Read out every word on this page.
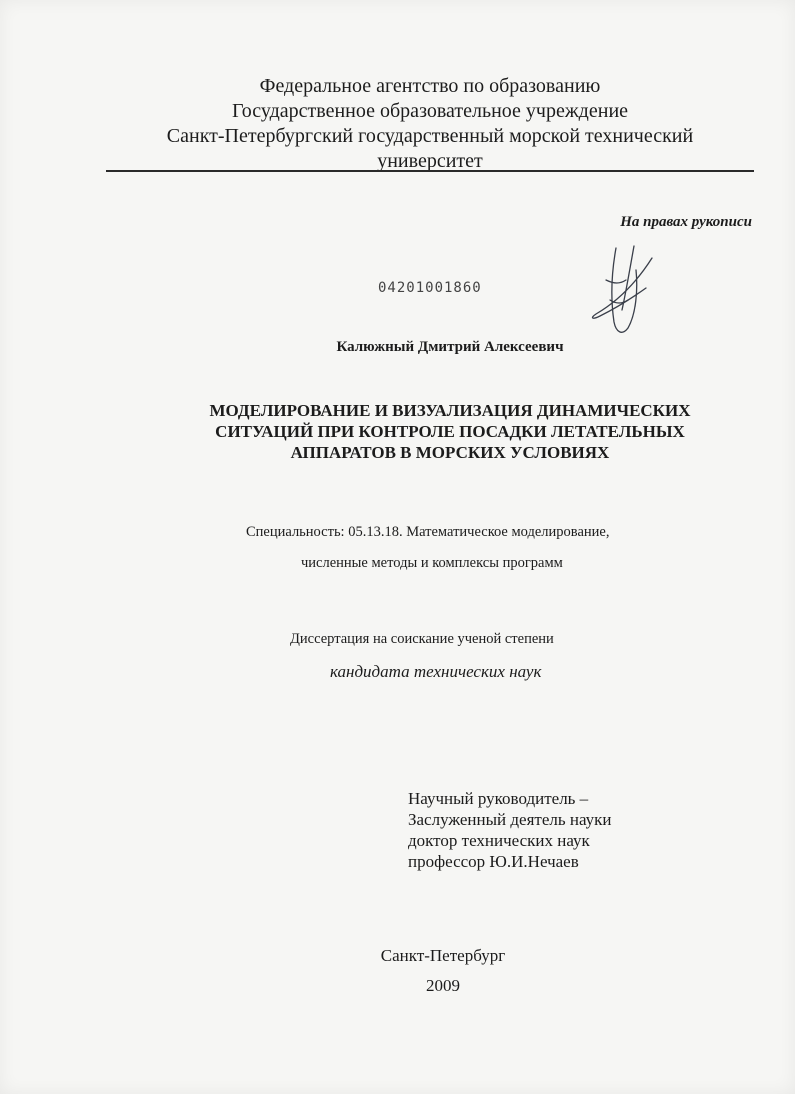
Федеральное агентство по образованию
Государственное образовательное учреждение
Санкт-Петербургский государственный морской технический
университет
На правах рукописи
04201001860
Калюжный Дмитрий Алексеевич
МОДЕЛИРОВАНИЕ И ВИЗУАЛИЗАЦИЯ ДИНАМИЧЕСКИХ
СИТУАЦИЙ ПРИ КОНТРОЛЕ ПОСАДКИ ЛЕТАТЕЛЬНЫХ
АППАРАТОВ В МОРСКИХ УСЛОВИЯХ
Специальность: 05.13.18. Математическое моделирование,
численные методы и комплексы программ
Диссертация на соискание ученой степени
кандидата технических наук
Научный руководитель –
Заслуженный деятель науки
доктор технических наук
профессор Ю.И.Нечаев
Санкт-Петербург
2009
